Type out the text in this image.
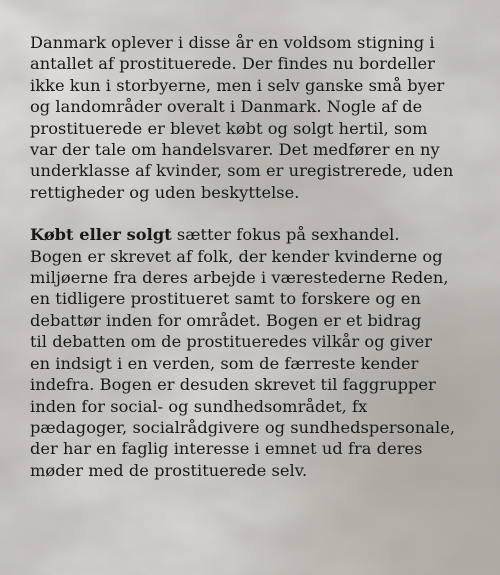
Danmark oplever i disse år en voldsom stigning i
antallet af prostituerede. Der findes nu bordeller
ikke kun i storbyerne, men i selv ganske små byer
og landområder overalt i Danmark. Nogle af de
prostituerede er blevet købt og solgt hertil, som
var der tale om handelsvarer. Det medfører en ny
underklasse af kvinder, som er uregistrerede, uden
rettigheder og uden beskyttelse.

Købt eller solgt sætter fokus på sexhandel.
Bogen er skrevet af folk, der kender kvinderne og
miljøerne fra deres arbejde i værestederne Reden,
en tidligere prostitueret samt to forskere og en
debattør inden for området. Bogen er et bidrag
til debatten om de prostitueredes vilkår og giver
en indsigt i en verden, som de færreste kender
indefra. Bogen er desuden skrevet til faggrupper
inden for social- og sundhedsområdet, fx
pædagoger, socialrådgivere og sundhedspersonale,
der har en faglig interesse i emnet ud fra deres
møder med de prostituerede selv.
